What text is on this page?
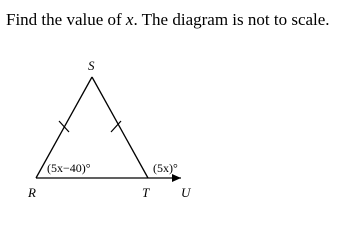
Find the value of x. The diagram is not to scale.
S
R	T U
(5x−40)°	(5x)°
